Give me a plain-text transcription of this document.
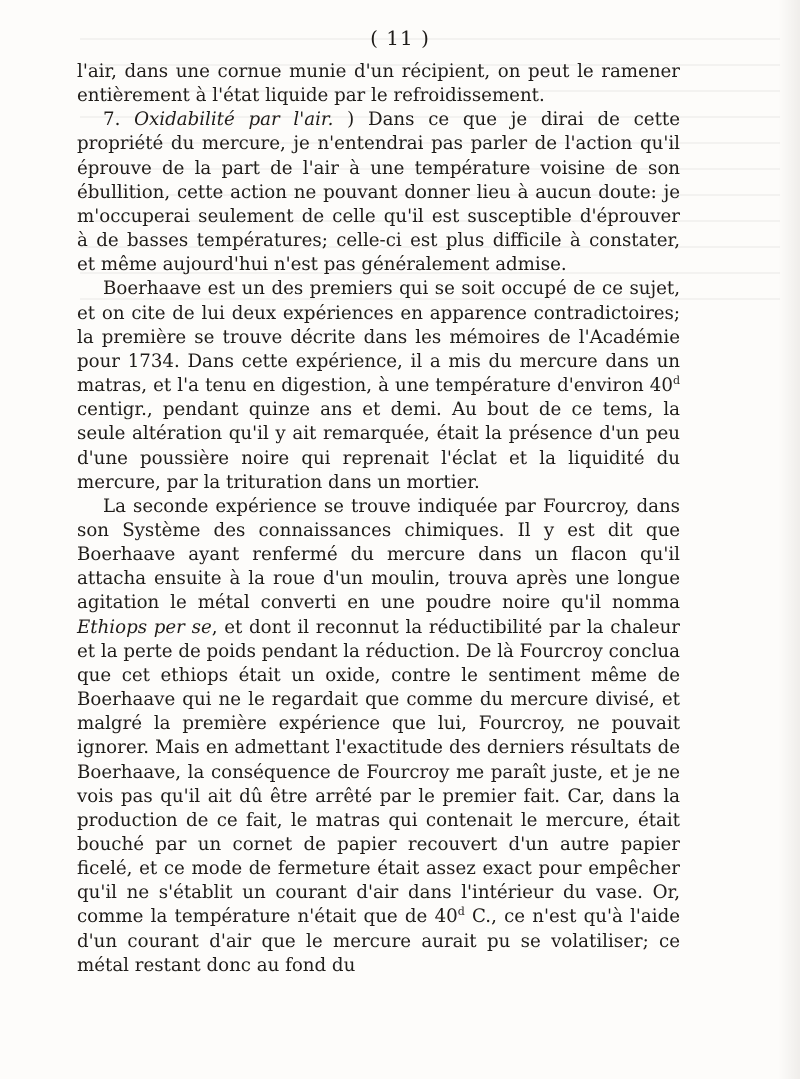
( 11 )

l'air, dans une cornue munie d'un récipient, on peut le ramener entièrement à l'état liquide par le refroidissement.

7. Oxidabilité par l'air. ) Dans ce que je dirai de cette propriété du mercure, je n'entendrai pas parler de l'action qu'il éprouve de la part de l'air à une température voisine de son ébullition, cette action ne pouvant donner lieu à aucun doute: je m'occuperai seulement de celle qu'il est susceptible d'éprouver à de basses températures; celle-ci est plus difficile à constater, et même aujourd'hui n'est pas généralement admise.

Boerhaave est un des premiers qui se soit occupé de ce sujet, et on cite de lui deux expériences en apparence contradictoires; la première se trouve décrite dans les mémoires de l'Académie pour 1734. Dans cette expérience, il a mis du mercure dans un matras, et l'a tenu en digestion, à une température d'environ 40$^d$ centigr., pendant quinze ans et demi. Au bout de ce tems, la seule altération qu'il y ait remarquée, était la présence d'un peu d'une poussière noire qui reprenait l'éclat et la liquidité du mercure, par la trituration dans un mortier.

La seconde expérience se trouve indiquée par Fourcroy, dans son Système des connaissances chimiques. Il y est dit que Boerhaave ayant renfermé du mercure dans un flacon qu'il attacha ensuite à la roue d'un moulin, trouva après une longue agitation le métal converti en une poudre noire qu'il nomma Ethiops per se, et dont il reconnut la réductibilité par la chaleur et la perte de poids pendant la réduction. De là Fourcroy conclua que cet ethiops était un oxide, contre le sentiment même de Boerhaave qui ne le regardait que comme du mercure divisé, et malgré la première expérience que lui, Fourcroy, ne pouvait ignorer. Mais en admettant l'exactitude des derniers résultats de Boerhaave, la conséquence de Fourcroy me paraît juste, et je ne vois pas qu'il ait dû être arrêté par le premier fait. Car, dans la production de ce fait, le matras qui contenait le mercure, était bouché par un cornet de papier recouvert d'un autre papier ficelé, et ce mode de fermeture était assez exact pour empêcher qu'il ne s'établit un courant d'air dans l'intérieur du vase. Or, comme la température n'était que de 40$^d$ C., ce n'est qu'à l'aide d'un courant d'air que le mercure aurait pu se volatiliser; ce métal restant donc au fond du
